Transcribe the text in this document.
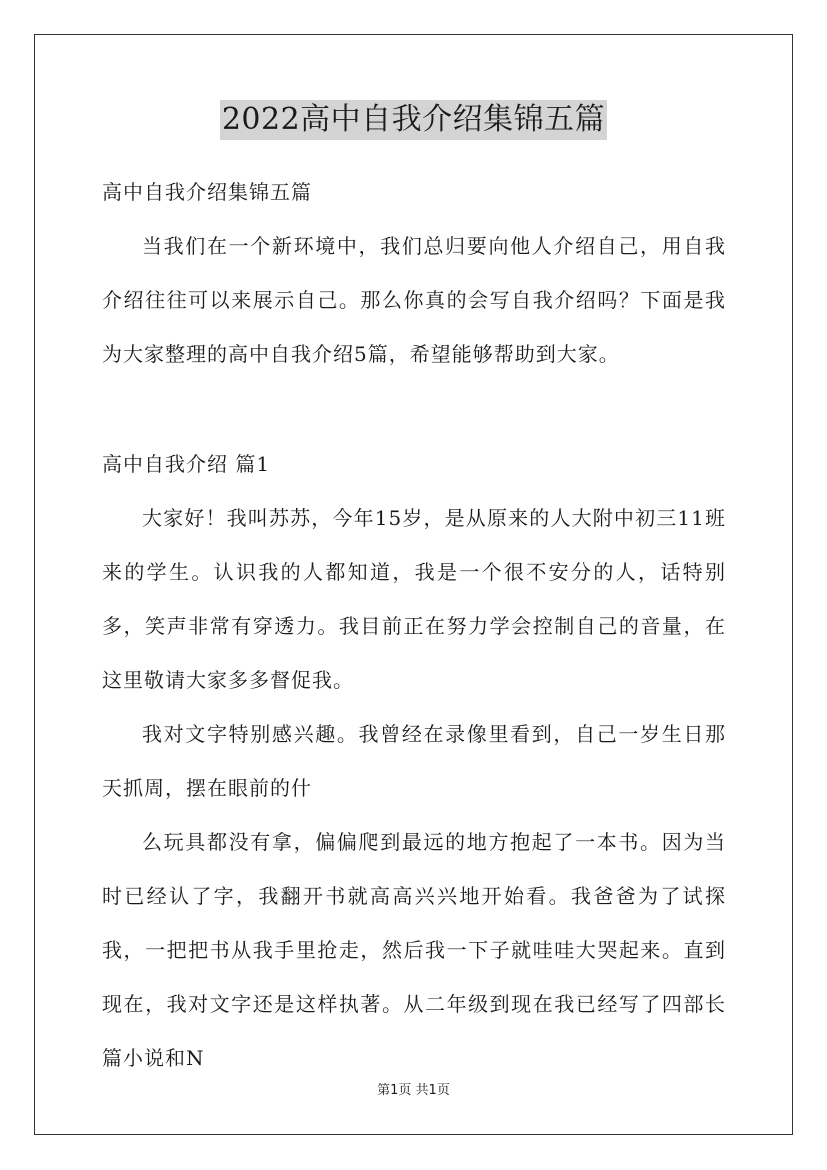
2022高中自我介绍集锦五篇

高中自我介绍集锦五篇

当我们在一个新环境中，我们总归要向他人介绍自己，用自我介绍往往可以来展示自己。那么你真的会写自我介绍吗？下面是我为大家整理的高中自我介绍5篇，希望能够帮助到大家。

高中自我介绍 篇1

大家好！我叫苏苏，今年15岁，是从原来的人大附中初三11班来的学生。认识我的人都知道，我是一个很不安分的人，话特别多，笑声非常有穿透力。我目前正在努力学会控制自己的音量，在这里敬请大家多多督促我。

我对文字特别感兴趣。我曾经在录像里看到，自己一岁生日那天抓周，摆在眼前的什

么玩具都没有拿，偏偏爬到最远的地方抱起了一本书。因为当时已经认了字，我翻开书就高高兴兴地开始看。我爸爸为了试探我，一把把书从我手里抢走，然后我一下子就哇哇大哭起来。直到现在，我对文字还是这样执著。从二年级到现在我已经写了四部长篇小说和N

第1页 共1页
